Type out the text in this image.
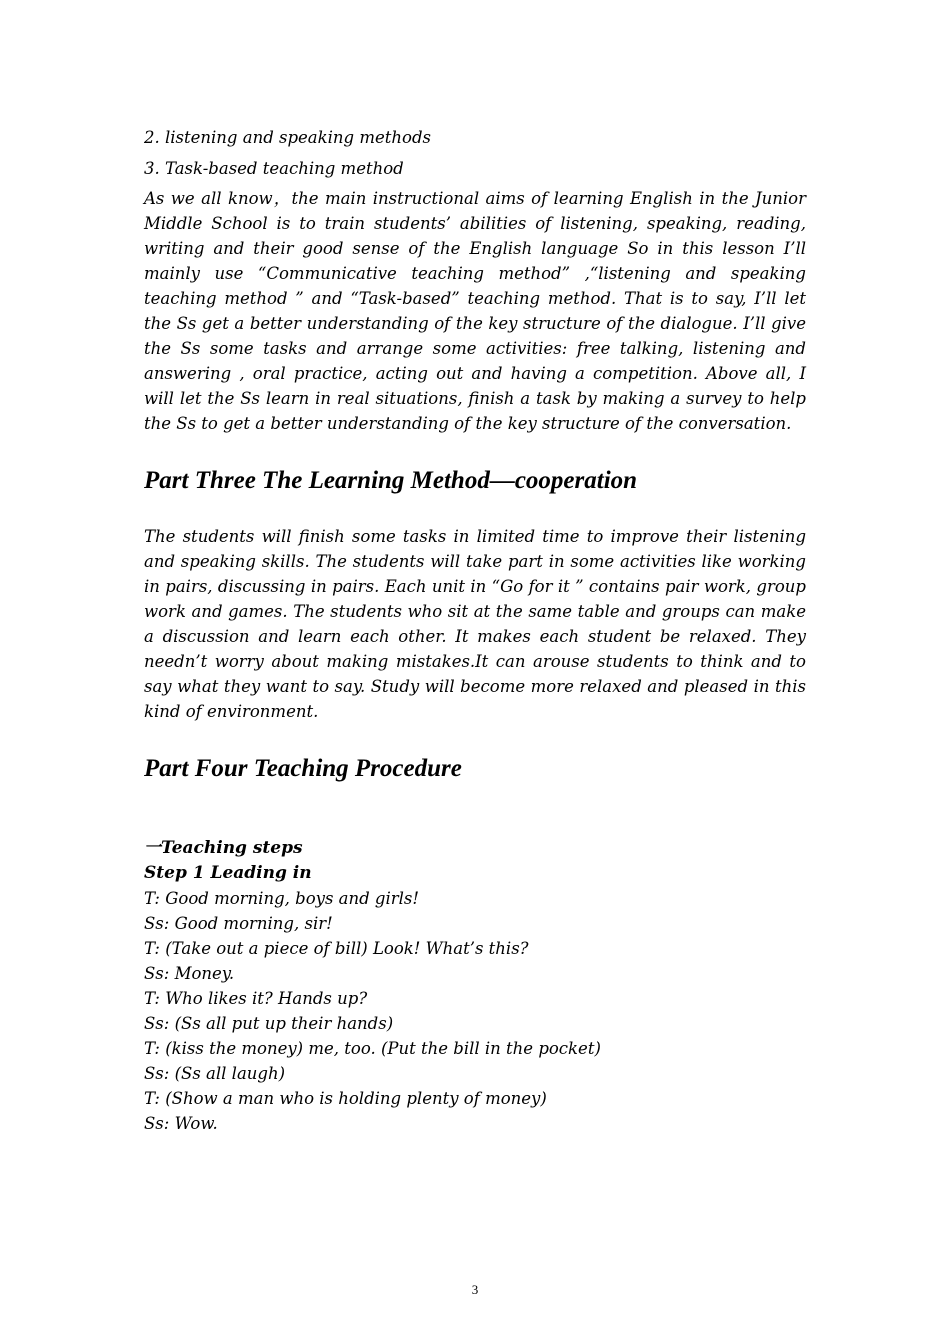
2. listening and speaking methods

3. Task-based teaching method

As we all know，the main instructional aims of learning English in the Junior Middle School is to train students’ abilities of listening, speaking, reading, writing and their good sense of the English language So in this lesson I’ll mainly use “Communicative teaching method” ,“listening and speaking teaching method ” and “Task-based” teaching method. That is to say, I’ll let the Ss get a better understanding of the key structure of the dialogue. I’ll give the Ss some tasks and arrange some activities: free talking, listening and answering , oral practice, acting out and having a competition. Above all, I will let the Ss learn in real situations, finish a task by making a survey to help the Ss to get a better understanding of the key structure of the conversation.

Part Three The Learning Method—cooperation

The students will finish some tasks in limited time to improve their listening and speaking skills. The students will take part in some activities like working in pairs, discussing in pairs. Each unit in “Go for it ” contains pair work, group work and games. The students who sit at the same table and groups can make a discussion and learn each other. It makes each student be relaxed. They needn’t worry about making mistakes.It can arouse students to think and to say what they want to say. Study will become more relaxed and pleased in this kind of environment.

Part Four Teaching Procedure

一Teaching steps

Step 1 Leading in

T: Good morning, boys and girls!

Ss: Good morning, sir!

T: (Take out a piece of bill) Look! What’s this?

Ss: Money.

T: Who likes it? Hands up?

Ss: (Ss all put up their hands)

T: (kiss the money) me, too. (Put the bill in the pocket)

Ss: (Ss all laugh)

T: (Show a man who is holding plenty of money)

Ss: Wow.

3
